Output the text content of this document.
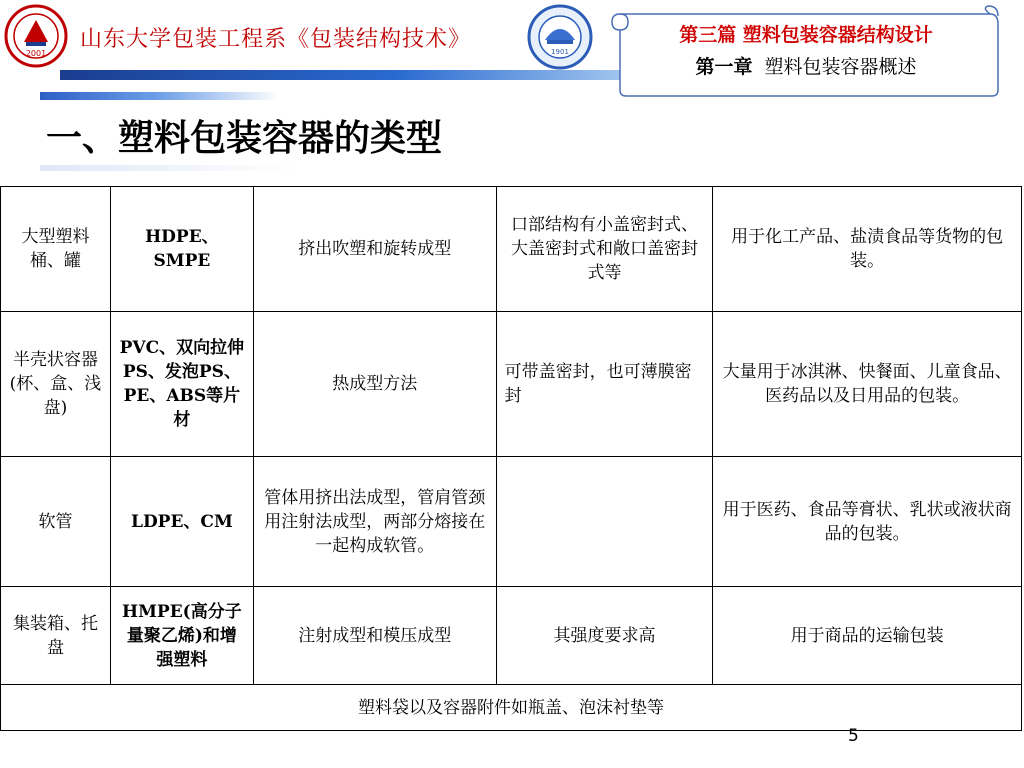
2001
山东大学包装工程系《包装结构技术》	1901
第三篇 塑料包装容器结构设计
第一章 塑料包装容器概述
一、塑料包装容器的类型
大型塑料桶、罐	HDPE、SMPE	挤出吹塑和旋转成型	口部结构有小盖密封式、大盖密封式和敞口盖密封式等	用于化工产品、盐渍食品等货物的包装。
半壳状容器(杯、盒、浅盘)	PVC、双向拉伸PS、发泡PS、PE、ABS等片材	热成型方法	可带盖密封，也可薄膜密封	大量用于冰淇淋、快餐面、儿童食品、医药品以及日用品的包装。
软管	LDPE、CM	管体用挤出法成型，管肩管颈用注射法成型，两部分熔接在一起构成软管。		用于医药、食品等膏状、乳状或液状商品的包装。
集装箱、托盘	HMPE(高分子量聚乙烯)和增强塑料	注射成型和模压成型	其强度要求高	用于商品的运输包装
塑料袋以及容器附件如瓶盖、泡沫衬垫等				
5
